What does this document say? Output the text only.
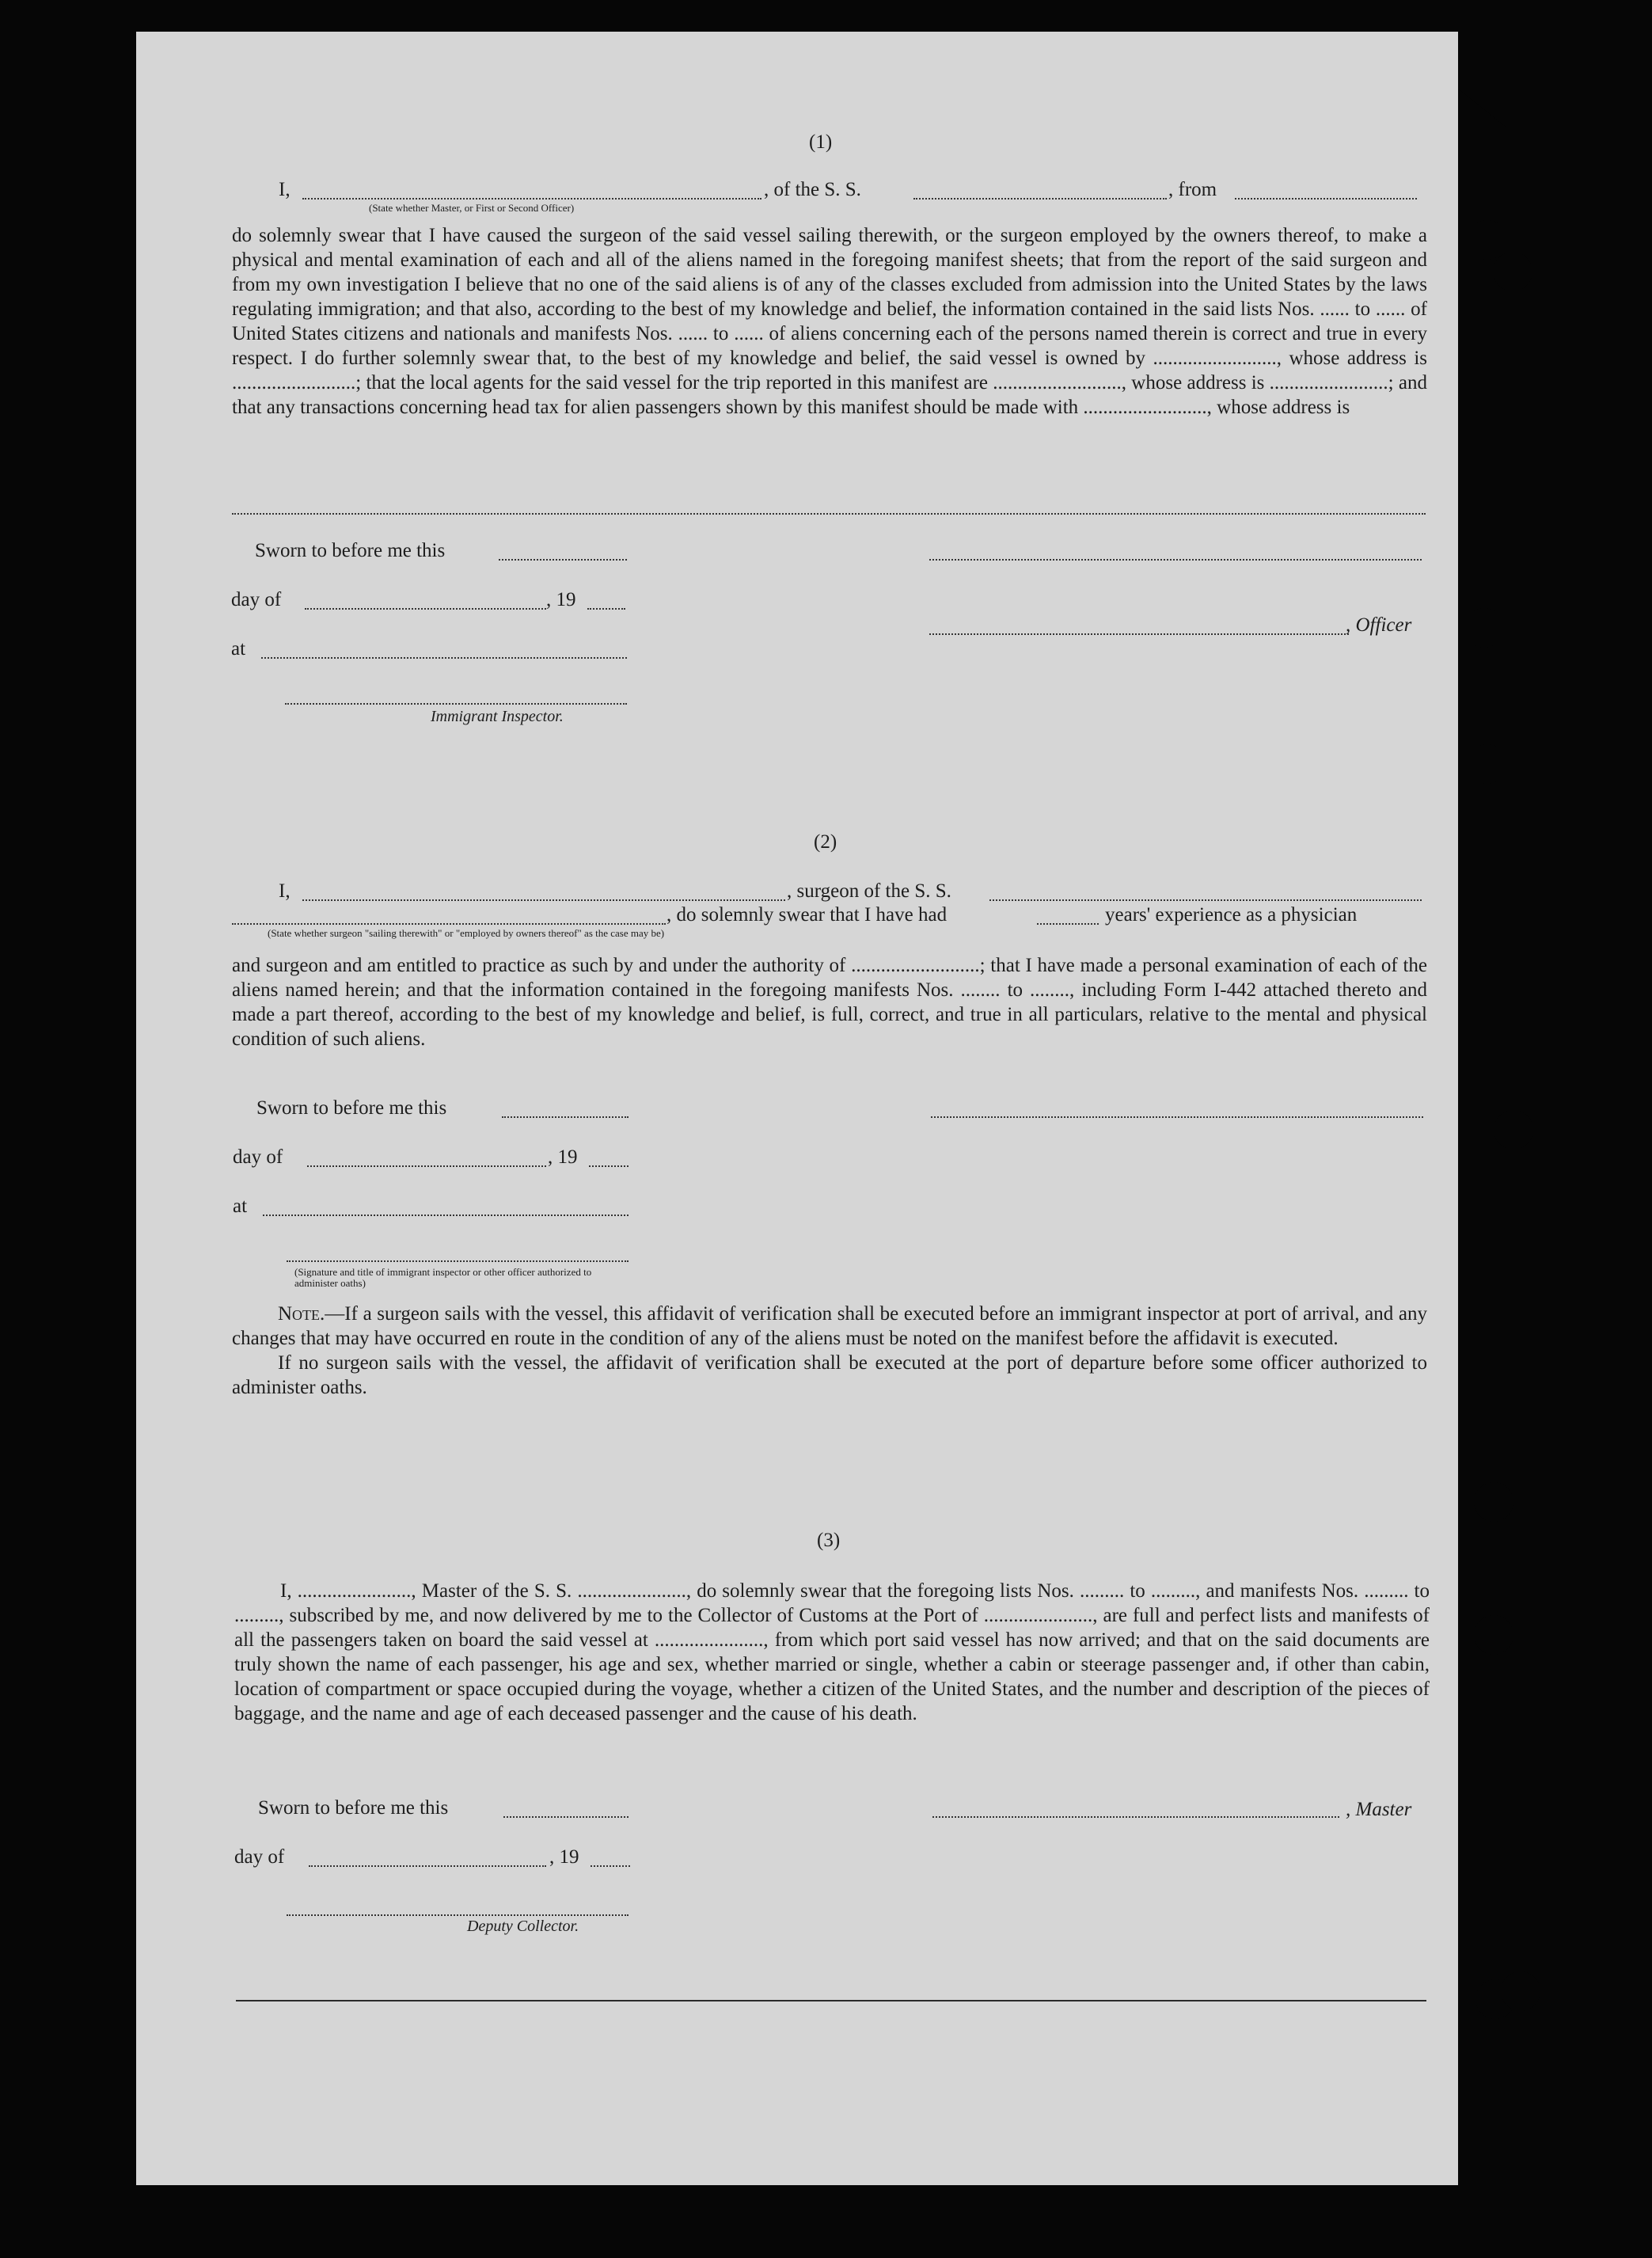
(1)
I,	, of the S. S.	, from
(State whether Master, or First or Second Officer)

do solemnly swear that I have caused the surgeon of the said vessel sailing therewith, or the surgeon employed by the owners thereof, to make a physical and mental examination of each and all of the aliens named in the foregoing manifest sheets; that from the report of the said surgeon and from my own investigation I believe that no one of the said aliens is of any of the classes excluded from admission into the United States by the laws regulating immigration; and that also, according to the best of my knowledge and belief, the information contained in the said lists Nos. ...... to ...... of United States citizens and nationals and manifests Nos. ...... to ...... of aliens concerning each of the persons named therein is correct and true in every respect. I do further solemnly swear that, to the best of my knowledge and belief, the said vessel is owned by ........................., whose address is .........................; that the local agents for the said vessel for the trip reported in this manifest are .........................., whose address is ........................; and that any transactions concerning head tax for alien passengers shown by this manifest should be made with ........................., whose address is

Sworn to before me this
day of	, 19
at
, Officer
Immigrant Inspector.
(2)
I,	, surgeon of the S. S.
, do solemnly swear that I have had	years' experience as a physician
(State whether surgeon "sailing therewith" or "employed by owners thereof" as the case may be)

and surgeon and am entitled to practice as such by and under the authority of ..........................; that I have made a personal examination of each of the aliens named herein; and that the information contained in the foregoing manifests Nos. ........ to ........, including Form I-442 attached thereto and made a part thereof, according to the best of my knowledge and belief, is full, correct, and true in all particulars, relative to the mental and physical condition of such aliens.

Sworn to before me this
day of	, 19
at
(Signature and title of immigrant inspector or other officer authorized to administer oaths)

Note.—If a surgeon sails with the vessel, this affidavit of verification shall be executed before an immigrant inspector at port of arrival, and any changes that may have occurred en route in the condition of any of the aliens must be noted on the manifest before the affidavit is executed.

If no surgeon sails with the vessel, the affidavit of verification shall be executed at the port of departure before some officer authorized to administer oaths.

(3)

I, ......................., Master of the S. S. ......................, do solemnly swear that the foregoing lists Nos. ......... to ........., and manifests Nos. ......... to ........., subscribed by me, and now delivered by me to the Collector of Customs at the Port of ......................, are full and perfect lists and manifests of all the passengers taken on board the said vessel at ......................, from which port said vessel has now arrived; and that on the said documents are truly shown the name of each passenger, his age and sex, whether married or single, whether a cabin or steerage passenger and, if other than cabin, location of compartment or space occupied during the voyage, whether a citizen of the United States, and the number and description of the pieces of baggage, and the name and age of each deceased passenger and the cause of his death.

Sworn to before me this	, Master
day of	, 19
Deputy Collector.
